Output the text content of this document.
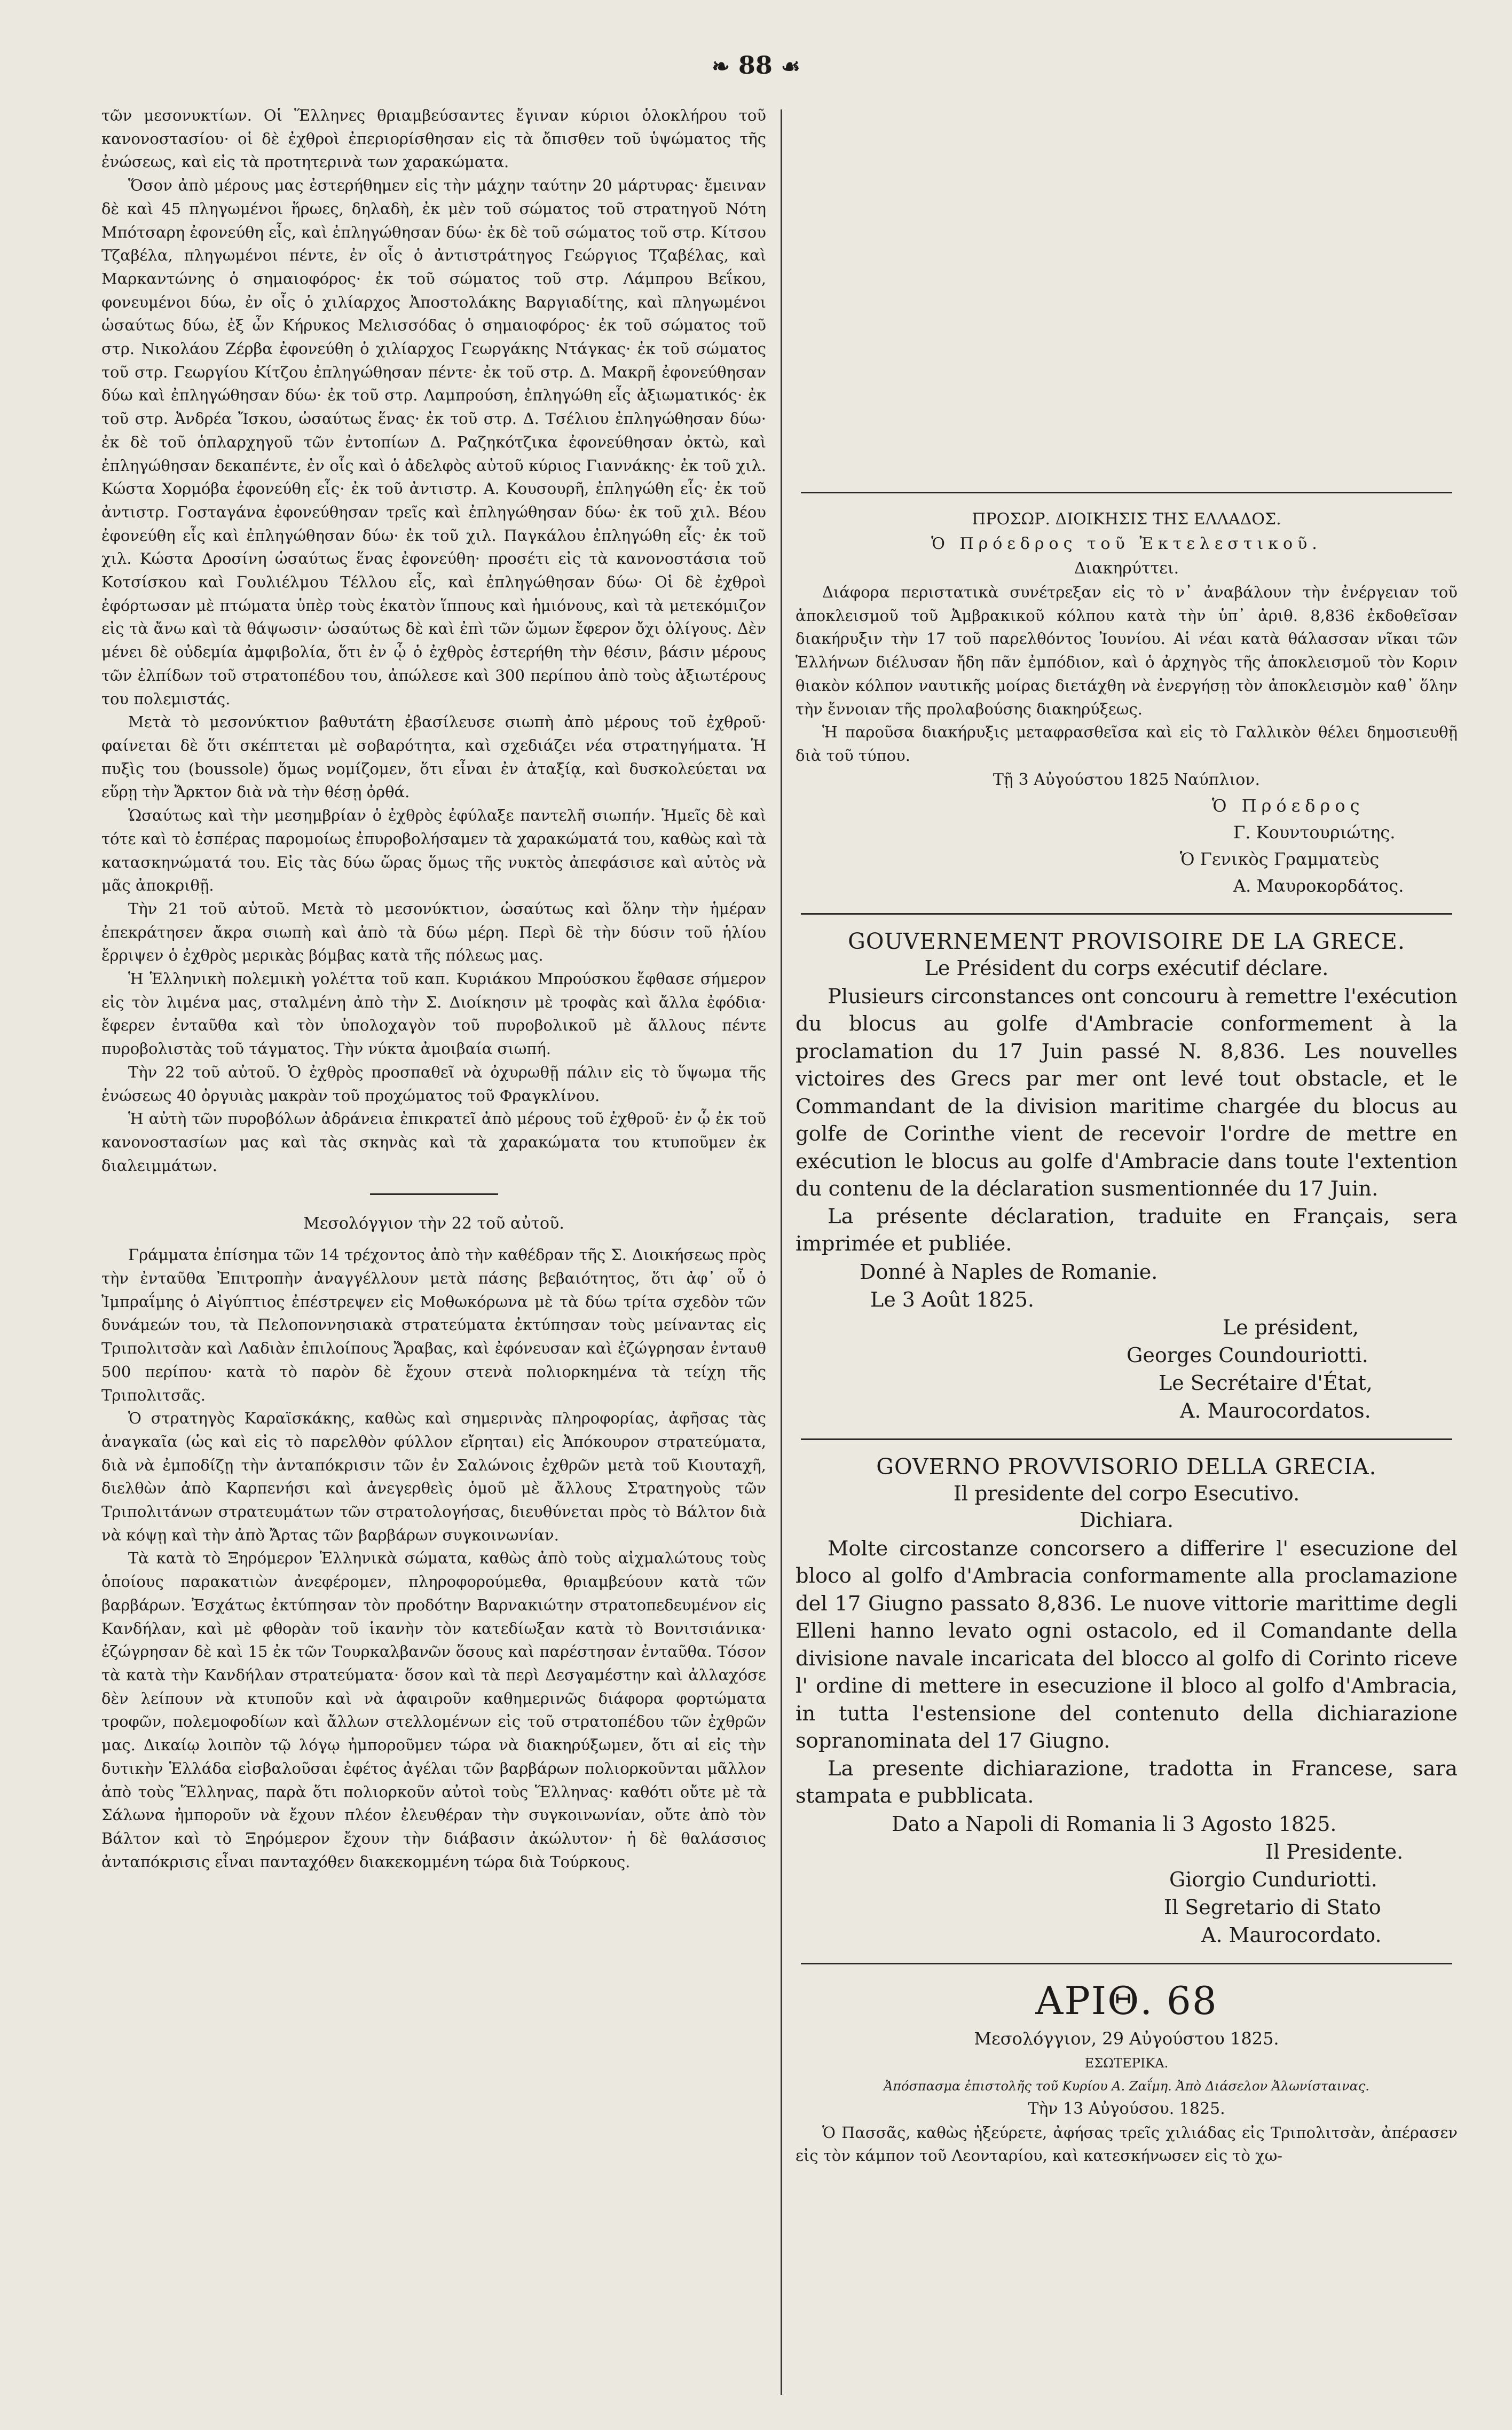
❧ 88 ☙

τῶν μεσονυκτίων. Οἱ Ἕλληνες θριαμβεύσαντες ἔγιναν κύριοι ὁλοκλήρου τοῦ κανονοστασίου· οἱ δὲ ἐχθροὶ ἐπεριορίσθησαν εἰς τὰ ὄπισθεν τοῦ ὑψώματος τῆς ἐνώσεως, καὶ εἰς τὰ προτητερινὰ των χαρακώματα.

Ὅσον ἀπὸ μέρους μας ἐστερήθημεν εἰς τὴν μάχην ταύτην 20 μάρτυρας· ἔμειναν δὲ καὶ 45 πληγωμένοι ἥρωες, δηλαδὴ, ἐκ μὲν τοῦ σώματος τοῦ στρατηγοῦ Νότη Μπότσαρη ἐφονεύθη εἷς, καὶ ἐπληγώθησαν δύω· ἐκ δὲ τοῦ σώματος τοῦ στρ. Κίτσου Τζαβέλα, πληγωμένοι πέντε, ἐν οἷς ὁ ἀντιστράτηγος Γεώργιος Τζαβέλας, καὶ Μαρκαντώνης ὁ σημαιοφόρος· ἐκ τοῦ σώματος τοῦ στρ. Λάμπρου Βεΐκου, φονευμένοι δύω, ἐν οἷς ὁ χιλίαρχος Ἀποστολάκης Βαργιαδίτης, καὶ πληγωμένοι ὡσαύτως δύω, ἐξ ὧν Κήρυκος Μελισσόδας ὁ σημαιοφόρος· ἐκ τοῦ σώματος τοῦ στρ. Νικολάου Ζέρβα ἐφονεύθη ὁ χιλίαρχος Γεωργάκης Ντάγκας· ἐκ τοῦ σώματος τοῦ στρ. Γεωργίου Κίτζου ἐπληγώθησαν πέντε· ἐκ τοῦ στρ. Δ. Μακρῆ ἐφονεύθησαν δύω καὶ ἐπληγώθησαν δύω· ἐκ τοῦ στρ. Λαμπρούση, ἐπληγώθη εἷς ἀξιωματικός· ἐκ τοῦ στρ. Ἀνδρέα Ἴσκου, ὡσαύτως ἕνας· ἐκ τοῦ στρ. Δ. Τσέλιου ἐπληγώθησαν δύω· ἐκ δὲ τοῦ ὁπλαρχηγοῦ τῶν ἐντοπίων Δ. Ραζηκότζικα ἐφονεύθησαν ὀκτὼ, καὶ ἐπληγώθησαν δεκαπέντε, ἐν οἷς καὶ ὁ ἀδελφὸς αὐτοῦ κύριος Γιαννάκης· ἐκ τοῦ χιλ. Κώστα Χορμόβα ἐφονεύθη εἷς· ἐκ τοῦ ἀντιστρ. Α. Κουσουρῆ, ἐπληγώθη εἷς· ἐκ τοῦ ἀντιστρ. Γοσταγάνα ἐφονεύθησαν τρεῖς καὶ ἐπληγώθησαν δύω· ἐκ τοῦ χιλ. Βέου ἐφονεύθη εἷς καὶ ἐπληγώθησαν δύω· ἐκ τοῦ χιλ. Παγκάλου ἐπληγώθη εἷς· ἐκ τοῦ χιλ. Κώστα Δροσίνη ὡσαύτως ἕνας ἐφονεύθη· προσέτι εἰς τὰ κανονοστάσια τοῦ Κοτσίσκου καὶ Γουλιέλμου Τέλλου εἷς, καὶ ἐπληγώθησαν δύω· Οἱ δὲ ἐχθροὶ ἐφόρτωσαν μὲ πτώματα ὑπὲρ τοὺς ἑκατὸν ἵππους καὶ ἡμιόνους, καὶ τὰ μετεκόμιζον εἰς τὰ ἄνω καὶ τὰ θάψωσιν· ὡσαύτως δὲ καὶ ἐπὶ τῶν ὤμων ἔφερον ὄχι ὀλίγους. Δὲν μένει δὲ οὐδεμία ἀμφιβολία, ὅτι ἐν ᾧ ὁ ἐχθρὸς ἐστερήθη τὴν θέσιν, βάσιν μέρους τῶν ἐλπίδων τοῦ στρατοπέδου του, ἀπώλεσε καὶ 300 περίπου ἀπὸ τοὺς ἀξιωτέρους του πολεμιστάς.

Μετὰ τὸ μεσονύκτιον βαθυτάτη ἐβασίλευσε σιωπὴ ἀπὸ μέρους τοῦ ἐχθροῦ· φαίνεται δὲ ὅτι σκέπτεται μὲ σοβαρότητα, καὶ σχεδιάζει νέα στρατηγήματα. Ἡ πυξὶς του (boussole) ὅμως νομίζομεν, ὅτι εἶναι ἐν ἀταξίᾳ, καὶ δυσκολεύεται να εὕρῃ τὴν Ἄρκτον διὰ νὰ τὴν θέσῃ ὀρθά.

Ὡσαύτως καὶ τὴν μεσημβρίαν ὁ ἐχθρὸς ἐφύλαξε παντελῆ σιωπήν. Ἡμεῖς δὲ καὶ τότε καὶ τὸ ἑσπέρας παρομοίως ἐπυροβολήσαμεν τὰ χαρακώματά του, καθὼς καὶ τὰ κατασκηνώματά του. Εἰς τὰς δύω ὥρας ὅμως τῆς νυκτὸς ἀπεφάσισε καὶ αὐτὸς νὰ μᾶς ἀποκριθῇ.

Τὴν 21 τοῦ αὐτοῦ. Μετὰ τὸ μεσονύκτιον, ὡσαύτως καὶ ὅλην τὴν ἡμέραν ἐπεκράτησεν ἄκρα σιωπὴ καὶ ἀπὸ τὰ δύω μέρη. Περὶ δὲ τὴν δύσιν τοῦ ἡλίου ἔρριψεν ὁ ἐχθρὸς μερικὰς βόμβας κατὰ τῆς πόλεως μας.

Ἡ Ἑλληνικὴ πολεμικὴ γολέττα τοῦ καπ. Κυριάκου Μπρούσκου ἔφθασε σήμερον εἰς τὸν λιμένα μας, σταλμένη ἀπὸ τὴν Σ. Διοίκησιν μὲ τροφὰς καὶ ἄλλα ἐφόδια· ἔφερεν ἐνταῦθα καὶ τὸν ὑπολοχαγὸν τοῦ πυροβολικοῦ μὲ ἄλλους πέντε πυροβολιστὰς τοῦ τάγματος. Τὴν νύκτα ἀμοιβαία σιωπή.

Τὴν 22 τοῦ αὐτοῦ. Ὁ ἐχθρὸς προσπαθεῖ νὰ ὀχυρωθῇ πάλιν εἰς τὸ ὕψωμα τῆς ἑνώσεως 40 ὀργυιὰς μακρὰν τοῦ προχώματος τοῦ Φραγκλίνου.

Ἡ αὐτὴ τῶν πυροβόλων ἀδράνεια ἐπικρατεῖ ἀπὸ μέρους τοῦ ἐχθροῦ· ἐν ᾧ ἐκ τοῦ κανονοστασίων μας καὶ τὰς σκηνὰς καὶ τὰ χαρακώματα του κτυποῦμεν ἐκ διαλειμμάτων.

Μεσολόγγιον τὴν 22 τοῦ αὐτοῦ.

Γράμματα ἐπίσημα τῶν 14 τρέχοντος ἀπὸ τὴν καθέδραν τῆς Σ. Διοικήσεως πρὸς τὴν ἐνταῦθα Ἐπιτροπὴν ἀναγγέλλουν μετὰ πάσης βεβαιότητος, ὅτι ἀφ᾿ οὗ ὁ Ἰμπραΐμης ὁ Αἰγύπτιος ἐπέστρεψεν εἰς Μοθωκόρωνα μὲ τὰ δύω τρίτα σχεδὸν τῶν δυνάμεών του, τὰ Πελοποννησιακὰ στρατεύματα ἐκτύπησαν τοὺς μείναντας εἰς Τριπολιτσὰν καὶ Λαδιὰν ἐπιλοίπους Ἄραβας, καὶ ἐφόνευσαν καὶ ἐζώγρησαν ἐνταυθ 500 περίπου· κατὰ τὸ παρὸν δὲ ἔχουν στενὰ πολιορκημένα τὰ τείχη τῆς Τριπολιτσᾶς.

Ὁ στρατηγὸς Καραϊσκάκης, καθὼς καὶ σημερινὰς πληροφορίας, ἀφῆσας τὰς ἀναγκαῖα (ὡς καὶ εἰς τὸ παρελθὸν φύλλον εἴρηται) εἰς Ἀπόκουρον στρατεύματα, διὰ νὰ ἐμποδίζῃ τὴν ἀνταπόκρισιν τῶν ἐν Σαλώνοις ἐχθρῶν μετὰ τοῦ Κιουταχῆ, διελθὼν ἀπὸ Καρπενήσι καὶ ἀνεγερθεὶς ὁμοῦ μὲ ἄλλους Στρατηγοὺς τῶν Τριπολιτάνων στρατευμάτων τῶν στρατολογήσας, διευθύνεται πρὸς τὸ Βάλτον διὰ νὰ κόψῃ καὶ τὴν ἀπὸ Ἄρτας τῶν βαρβάρων συγκοινωνίαν.

Τὰ κατὰ τὸ Ξηρόμερον Ἑλληνικὰ σώματα, καθὼς ἀπὸ τοὺς αἰχμαλώτους τοὺς ὁποίους παρακατιὼν ἀνεφέρομεν, πληροφορούμεθα, θριαμβεύουν κατὰ τῶν βαρβάρων. Ἐσχάτως ἐκτύπησαν τὸν προδότην Βαρνακιώτην στρατοπεδευμένον εἰς Κανδήλαν, καὶ μὲ φθορὰν τοῦ ἱκανὴν τὸν κατεδίωξαν κατὰ τὸ Βονιτσιάνικα· ἐζώγρησαν δὲ καὶ 15 ἐκ τῶν Τουρκαλβανῶν ὅσους καὶ παρέστησαν ἐνταῦθα. Τόσον τὰ κατὰ τὴν Κανδήλαν στρατεύματα· ὅσον καὶ τὰ περὶ Δεσγαμέστην καὶ ἀλλαχόσε δὲν λείπουν νὰ κτυποῦν καὶ νὰ ἀφαιροῦν καθημερινῶς διάφορα φορτώματα τροφῶν, πολεμοφοδίων καὶ ἄλλων στελλομένων εἰς τοῦ στρατοπέδου τῶν ἐχθρῶν μας. Δικαίῳ λοιπὸν τῷ λόγῳ ἠμποροῦμεν τώρα νὰ διακηρύξωμεν, ὅτι αἱ εἰς τὴν δυτικὴν Ἑλλάδα εἰσβαλοῦσαι ἐφέτος ἀγέλαι τῶν βαρβάρων πολιορκοῦνται μᾶλλον ἀπὸ τοὺς Ἕλληνας, παρὰ ὅτι πολιορκοῦν αὐτοὶ τοὺς Ἕλληνας· καθότι οὔτε μὲ τὰ Σάλωνα ἠμποροῦν νὰ ἔχουν πλέον ἐλευθέραν τὴν συγκοινωνίαν, οὔτε ἀπὸ τὸν Βάλτον καὶ τὸ Ξηρόμερον ἔχουν τὴν διάβασιν ἀκώλυτον· ἡ δὲ θαλάσσιος ἀνταπόκρισις εἶναι πανταχόθεν διακεκομμένη τώρα διὰ Τούρκους.

ΠΡΟΣΩΡ. ΔΙΟΙΚΗΣΙΣ ΤΗΣ ΕΛΛΑΔΟΣ.

Ὁ Πρόεδρος τοῦ Ἐκτελεστικοῦ.

Διακηρύττει.

Διάφορα περιστατικὰ συνέτρεξαν εἰς τὸ ν᾿ ἀναβάλουν τὴν ἐνέργειαν τοῦ ἀποκλεισμοῦ τοῦ Ἀμβρακικοῦ κόλπου κατὰ τὴν ὑπ᾿ ἀριθ. 8,836 ἐκδοθεῖσαν διακήρυξιν τὴν 17 τοῦ παρελθόντος Ἰουνίου. Αἱ νέαι κατὰ θάλασσαν νῖκαι τῶν Ἑλλήνων διέλυσαν ἤδη πᾶν ἐμπόδιον, καὶ ὁ ἀρχηγὸς τῆς ἀποκλεισμοῦ τὸν Κοριν θιακὸν κόλπον ναυτικῆς μοίρας διετάχθη νὰ ἐνεργήσῃ τὸν ἀποκλεισμὸν καθ᾿ ὅλην τὴν ἔννοιαν τῆς προλαβούσης διακηρύξεως.

Ἡ παροῦσα διακήρυξις μεταφρασθεῖσα καὶ εἰς τὸ Γαλλικὸν θέλει δημοσιευθῇ διὰ τοῦ τύπου.

Τῇ 3 Αὐγούστου 1825 Ναύπλιον.

Ὁ Πρόεδρος

Γ. Κουντουριώτης.

Ὁ Γενικὸς Γραμματεὺς

Α. Μαυροκορδάτος.

GOUVERNEMENT PROVISOIRE DE LA GRECE.

Le Président du corps exécutif déclare.

Plusieurs circonstances ont concouru à remettre l'exécution du blocus au golfe d'Ambracie conformement à la proclamation du 17 Juin passé N. 8,836. Les nouvelles victoires des Grecs par mer ont levé tout obstacle, et le Commandant de la division maritime chargée du blocus au golfe de Corinthe vient de recevoir l'ordre de mettre en exécution le blocus au golfe d'Ambracie dans toute l'extention du contenu de la déclaration susmentionnée du 17 Juin.

La présente déclaration, traduite en Français, sera imprimée et publiée.

Donné à Naples de Romanie.

Le 3 Août 1825.

Le président,

Georges Coundouriotti.

Le Secrétaire d'État,

A. Maurocordatos.

GOVERNO PROVVISORIO DELLA GRECIA.

Il presidente del corpo Esecutivo.

Dichiara.

Molte circostanze concorsero a differire l' esecuzione del bloco al golfo d'Ambracia conformamente alla proclamazione del 17 Giugno passato 8,836. Le nuove vittorie marittime degli Elleni hanno levato ogni ostacolo, ed il Comandante della divisione navale incaricata del blocco al golfo di Corinto riceve l' ordine di mettere in esecuzione il bloco al golfo d'Ambracia, in tutta l'estensione del contenuto della dichiarazione sopranominata del 17 Giugno.

La presente dichiarazione, tradotta in Francese, sara stampata e pubblicata.

Dato a Napoli di Romania li 3 Agosto 1825.

Il Presidente.

Giorgio Cunduriotti.

Il Segretario di Stato

A. Maurocordato.

ΑΡΙΘ. 68

Μεσολόγγιον, 29 Αὐγούστου 1825.

ΕΣΩΤΕΡΙΚΑ.

Ἀπόσπασμα ἐπιστολῆς τοῦ Κυρίου Α. Ζαΐμη. Ἀπὸ Διάσελον Ἀλωνίσταινας.

Τὴν 13 Αὐγούσου. 1825.

Ὁ Πασσᾶς, καθὼς ἠξεύρετε, ἀφήσας τρεῖς χιλιάδας εἰς Τριπολιτσὰν, ἀπέρασεν εἰς τὸν κάμπον τοῦ Λεονταρίου, καὶ κατεσκήνωσεν εἰς τὸ χω-
